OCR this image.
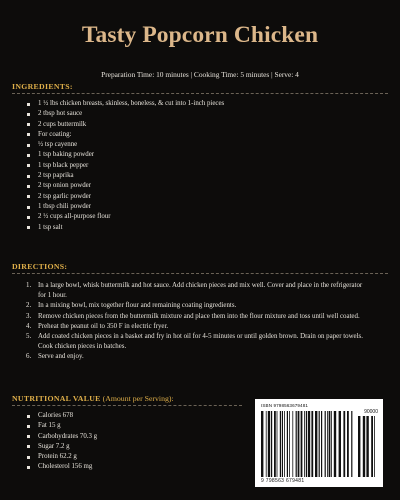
Tasty Popcorn Chicken
Preparation Time: 10 minutes | Cooking Time: 5 minutes | Serve: 4
INGREDIENTS:
1 ½ lbs chicken breasts, skinless, boneless, & cut into 1-inch pieces
2 tbsp hot sauce
2 cups buttermilk
For coating:
½ tsp cayenne
1 tsp baking powder
1 tsp black pepper
2 tsp paprika
2 tsp onion powder
2 tsp garlic powder
1 tbsp chili powder
2 ½ cups all-purpose flour
1 tsp salt
DIRECTIONS:
1. In a large bowl, whisk buttermilk and hot sauce. Add chicken pieces and mix well. Cover and place in the refrigerator for 1 hour.
2. In a mixing bowl, mix together flour and remaining coating ingredients.
3. Remove chicken pieces from the buttermilk mixture and place them into the flour mixture and toss until well coated.
4. Preheat the peanut oil to 350 F in electric fryer.
5. Add coated chicken pieces in a basket and fry in hot oil for 4-5 minutes or until golden brown. Drain on paper towels. Cook chicken pieces in batches.
6. Serve and enjoy.
NUTRITIONAL VALUE (Amount per Serving):
Calories 678
Fat 15 g
Carbohydrates 70.3 g
Sugar 7.2 g
Protein 62.2 g
Cholesterol 156 mg
ISBN 9798563679481
90000
9 798563 679481
